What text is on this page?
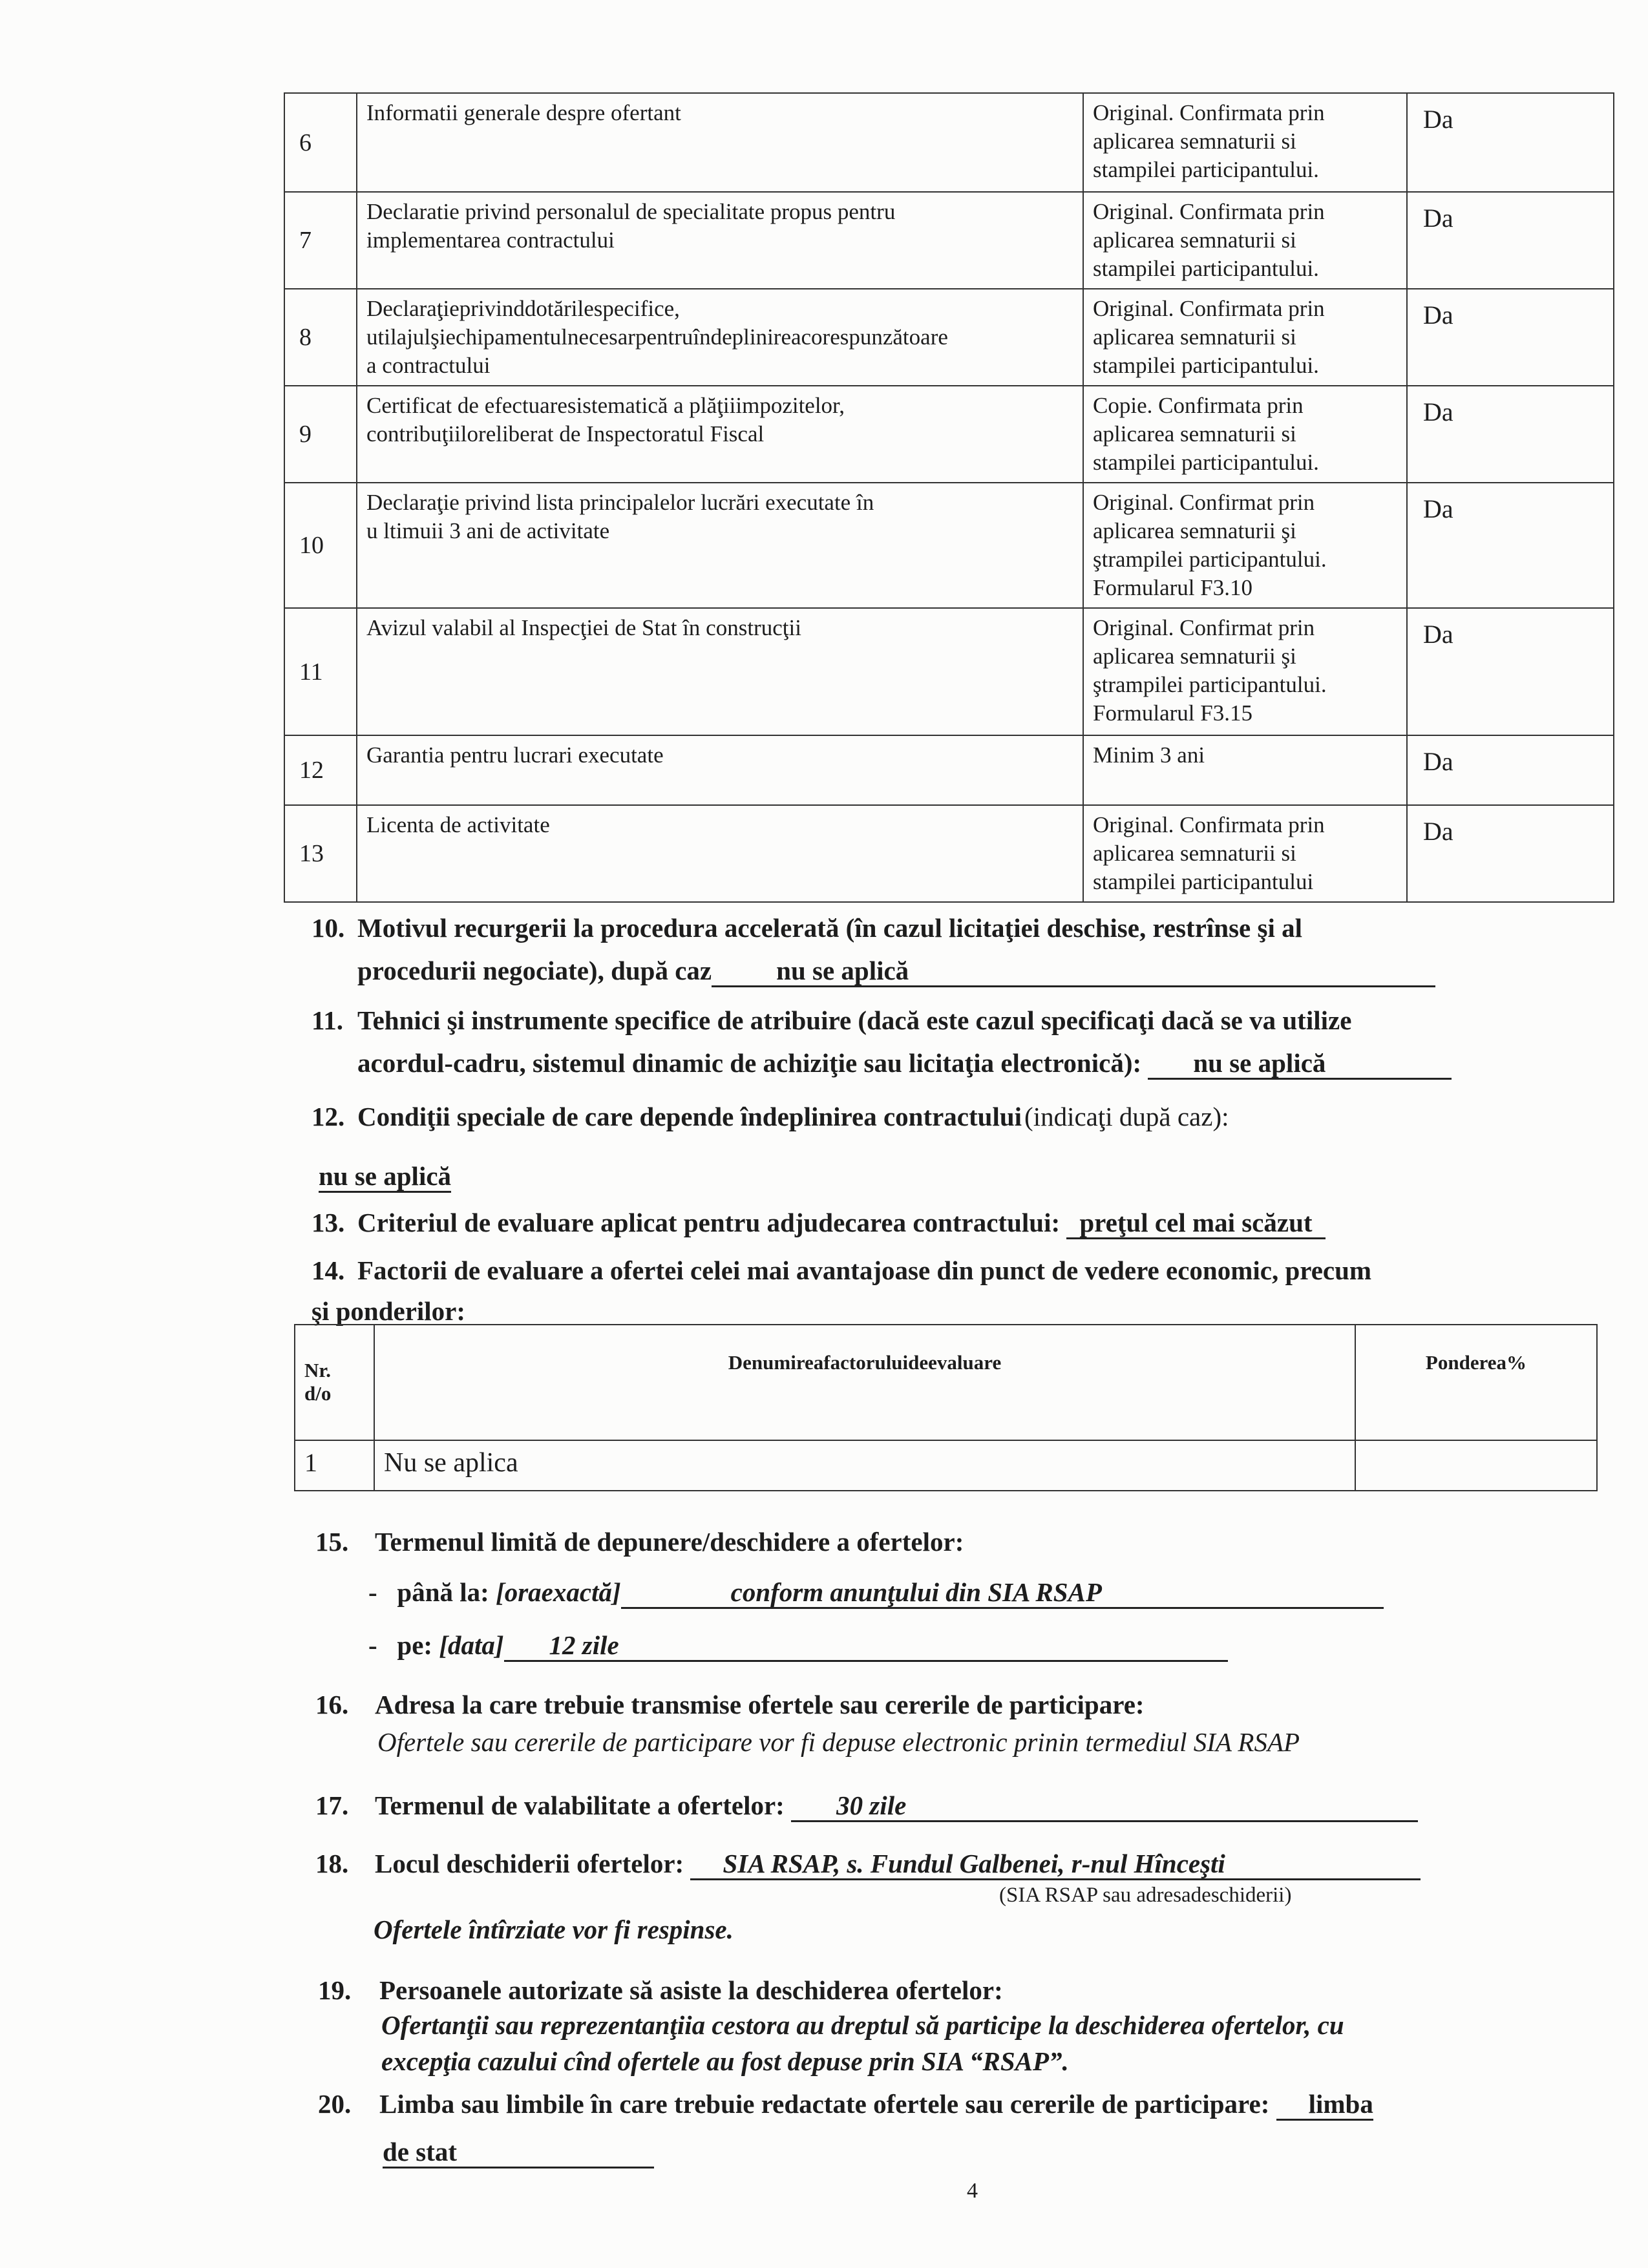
6	Informatii generale despre ofertant	Original. Confirmata prin
aplicarea semnaturii si
stampilei participantului.	Da
7	Declaratie privind personalul de specialitate propus pentru
implementarea contractului	Original. Confirmata prin
aplicarea semnaturii si
stampilei participantului.	Da
8	Declaraţieprivinddotărilespecifice,
utilajulşiechipamentulnecesarpentruîndeplinireacorespunzătoare
a contractului	Original. Confirmata prin
aplicarea semnaturii si
stampilei participantului.	Da
9	Certificat de efectuaresistematică a plăţiiimpozitelor,
contribuţiiloreliberat de Inspectoratul Fiscal	Copie. Confirmata prin
aplicarea semnaturii si
stampilei participantului.	Da
10	Declaraţie privind lista principalelor lucrări executate în
u ltimuii 3 ani de activitate	Original. Confirmat prin
aplicarea semnaturii şi
ştrampilei participantului.
Formularul F3.10	Da
11	Avizul valabil al Inspecţiei de Stat în construcţii	Original. Confirmat prin
aplicarea semnaturii şi
ştrampilei participantului.
Formularul F3.15	Da
12	Garantia pentru lucrari executate	Minim 3 ani	Da
13	Licenta de activitate	Original. Confirmata prin
aplicarea semnaturii si
stampilei participantului	Da
10. Motivul recurgerii la procedura accelerată (în cazul licitaţiei deschise, restrînse şi al
procedurii negociate), după caz nu se aplică
11. Tehnici şi instrumente specifice de atribuire (dacă este cazul specificaţi dacă se va utilize
acordul-cadru, sistemul dinamic de achiziţie sau licitaţia electronică): nu se aplică
12. Condiţii speciale de care depende îndeplinirea contractului (indicaţi după caz):
nu se aplică
13. Criteriul de evaluare aplicat pentru adjudecarea contractului: preţul cel mai scăzut
14. Factorii de evaluare a ofertei celei mai avantajoase din punct de vedere economic, precum
şi ponderilor:
Nr.
d/o	Denumireafactoruluideevaluare	Ponderea%
1	Nu se aplica	
15. Termenul limită de depunere/deschidere a ofertelor:
-   până la: [oraexactă]	conform anunţului din SIA RSAP
-   pe: [data] 12 zile
16. Adresa la care trebuie transmise ofertele sau cererile de participare:
Ofertele sau cererile de participare vor fi depuse electronic prinin termediul SIA RSAP
17. Termenul de valabilitate a ofertelor: 30 zile
18. Locul deschiderii ofertelor: SIA RSAP, s. Fundul Galbenei, r-nul Hînceşti
(SIA RSAP sau adresadeschiderii)
Ofertele întîrziate vor fi respinse.
19. Persoanele autorizate să asiste la deschiderea ofertelor:
Ofertanţii sau reprezentanţiia cestora au dreptul să participe la deschiderea ofertelor, cu
excepţia cazului cînd ofertele au fost depuse prin SIA “RSAP”.
20. Limba sau limbile în care trebuie redactate ofertele sau cererile de participare: limba
de stat
4
